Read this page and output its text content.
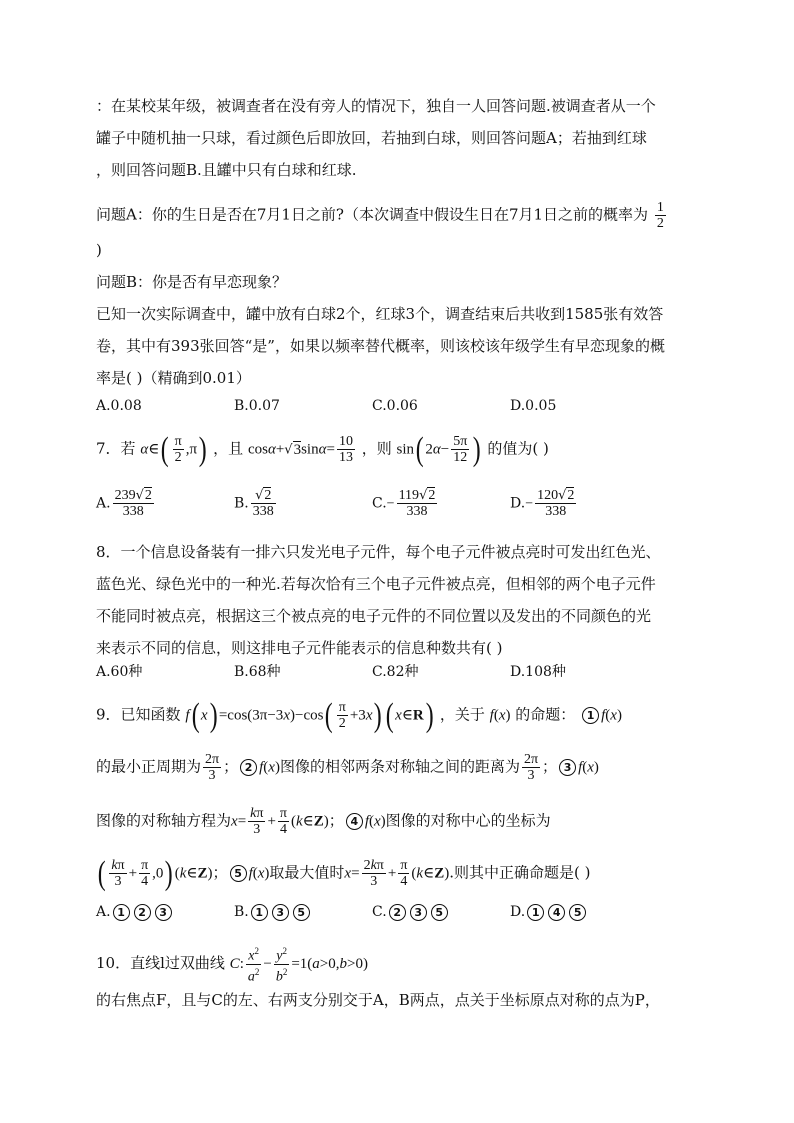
：在某校某年级，被调查者在没有旁人的情况下，独自一人回答问题.被调查者从一个
罐子中随机抽一只球，看过颜色后即放回，若抽到白球，则回答问题A；若抽到红球
，则回答问题B.且罐中只有白球和红球.
问题A：你的生日是否在7月1日之前?（本次调查中假设生日在7月1日之前的概率为 $\frac{1}{2}$
)
问题B：你是否有早恋现象？
已知一次实际调查中，罐中放有白球2个，红球3个，调查结束后共收到1585张有效答
卷，其中有393张回答“是”，如果以频率替代概率，则该校该年级学生有早恋现象的概
率是( )（精确到0.01）
A.0.08	B.0.07	C.0.06	D.0.05
7．若 α∈( $\frac{\pi}{2} ,\pi$) ，且 $\cos\alpha+√3\sin\alpha= \frac{10}{13}$ ，则 sin( $2\alpha- \frac{5\pi}{12}$ ) 的值为( )
A. $\frac{239√2}{338}$	B. $\frac{√2}{338}$	$C.- \frac{119√2}{338}$	$D.- \frac{120√2}{338}$
8．一个信息设备装有一排六只发光电子元件，每个电子元件被点亮时可发出红色光、
蓝色光、绿色光中的一种光.若每次恰有三个电子元件被点亮，但相邻的两个电子元件
不能同时被点亮，根据这三个被点亮的电子元件的不同位置以及发出的不同颜色的光
来表示不同的信息，则这排电子元件能表示的信息种数共有( )
A.60种	B.68种	C.82种	D.108种
9．已知函数 f( $x) =\cos(3\pi-3x)-\cos( \frac{\pi}{2} +3x)$( x∈R) ，关于 f(x) 的命题： 1 f(x)
的最小正周期为 $\frac{2\pi}{3}$ ； 2 f(x)图像的相邻两条对称轴之间的距离为 $\frac{2\pi}{3}$ ； 3 f(x)
图像的对称轴方程为$x= \frac{k\pi}{3} + \frac{\pi}{4}$ (k∈Z)； 4 f(x)图像的对称中心的坐标为
( $\frac{k\pi}{3} + \frac{\pi}{4} ,0$) (k∈Z)； 5 f(x)取最大值时$x= \frac{2k\pi}{3} + \frac{\pi}{4}$ (k∈Z).则其中正确命题是( )
A. 1 2 3	B. 1 3 5	C. 2 3 5	D. 1 4 5
10．直线l过双曲线 C: $\frac{x^2}{a^2} - \frac{y^2}{b^2} =1(a>0,b>0)$
的右焦点F，且与C的左、右两支分别交于A，B两点，点关于坐标原点对称的点为P，
